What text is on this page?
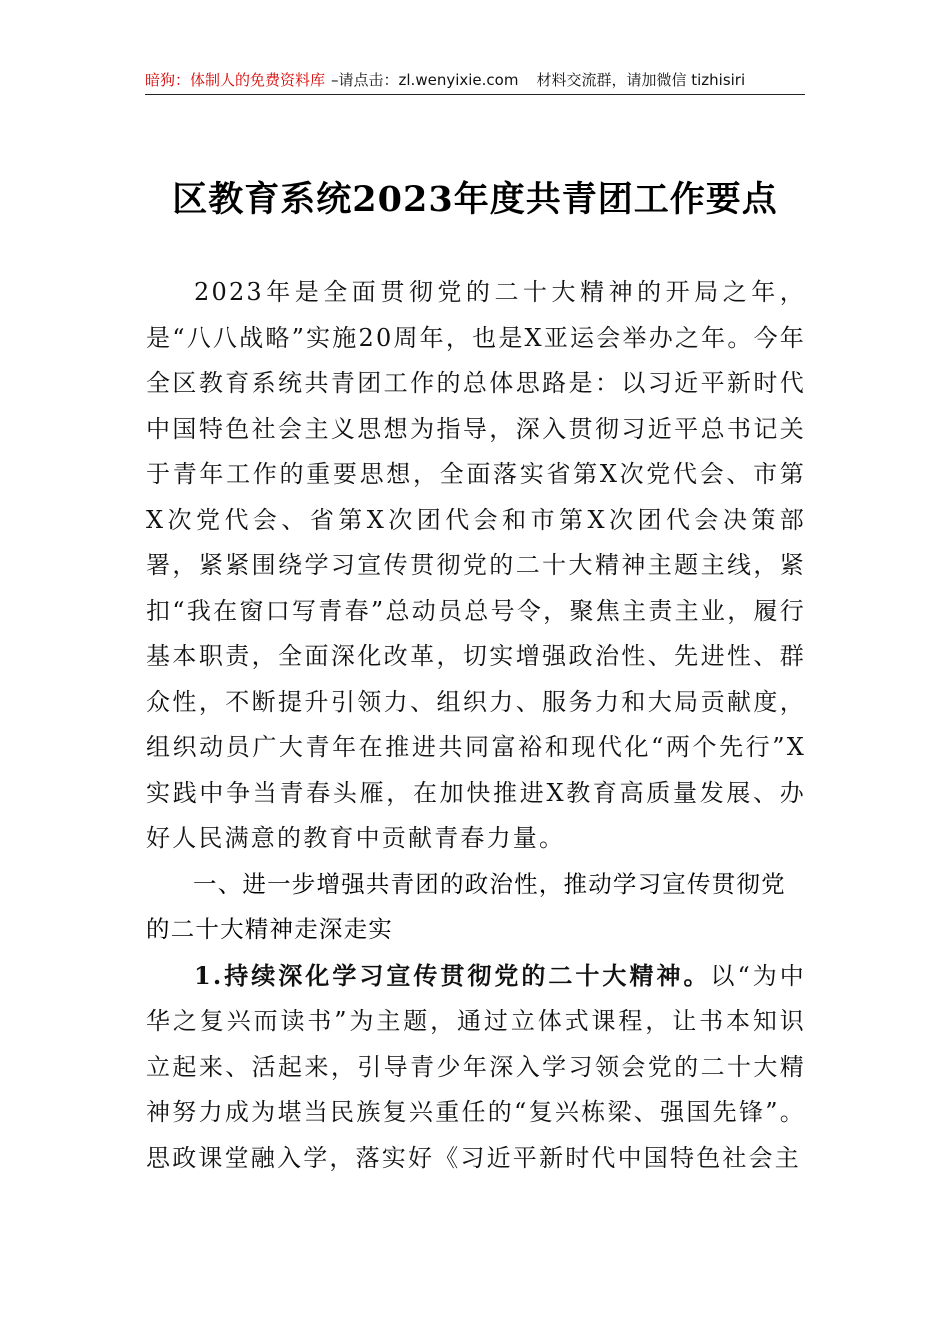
暗狗：体制人的免费资料库 –请点击：zl.wenyixie.com 材料交流群，请加微信 tizhisiri
区教育系统2023年度共青团工作要点

2023年是全面贯彻党的二十大精神的开局之年，是“八八战略”实施20周年，也是X亚运会举办之年。今年全区教育系统共青团工作的总体思路是：以习近平新时代中国特色社会主义思想为指导，深入贯彻习近平总书记关于青年工作的重要思想，全面落实省第X次党代会、市第X次党代会、省第X次团代会和市第X次团代会决策部署，紧紧围绕学习宣传贯彻党的二十大精神主题主线，紧扣“我在窗口写青春”总动员总号令，聚焦主责主业，履行基本职责，全面深化改革，切实增强政治性、先进性、群众性，不断提升引领力、组织力、服务力和大局贡献度，组织动员广大青年在推进共同富裕和现代化“两个先行”X实践中争当青春头雁，在加快推进X教育高质量发展、办好人民满意的教育中贡献青春力量。

一、进一步增强共青团的政治性，推动学习宣传贯彻党的二十大精神走深走实

1.持续深化学习宣传贯彻党的二十大精神。以“为中华之复兴而读书”为主题，通过立体式课程，让书本知识立起来、活起来，引导青少年深入学习领会党的二十大精神努力成为堪当民族复兴重任的“复兴栋梁、强国先锋”。思政课堂融入学，落实好《习近平新时代中国特色社会主
